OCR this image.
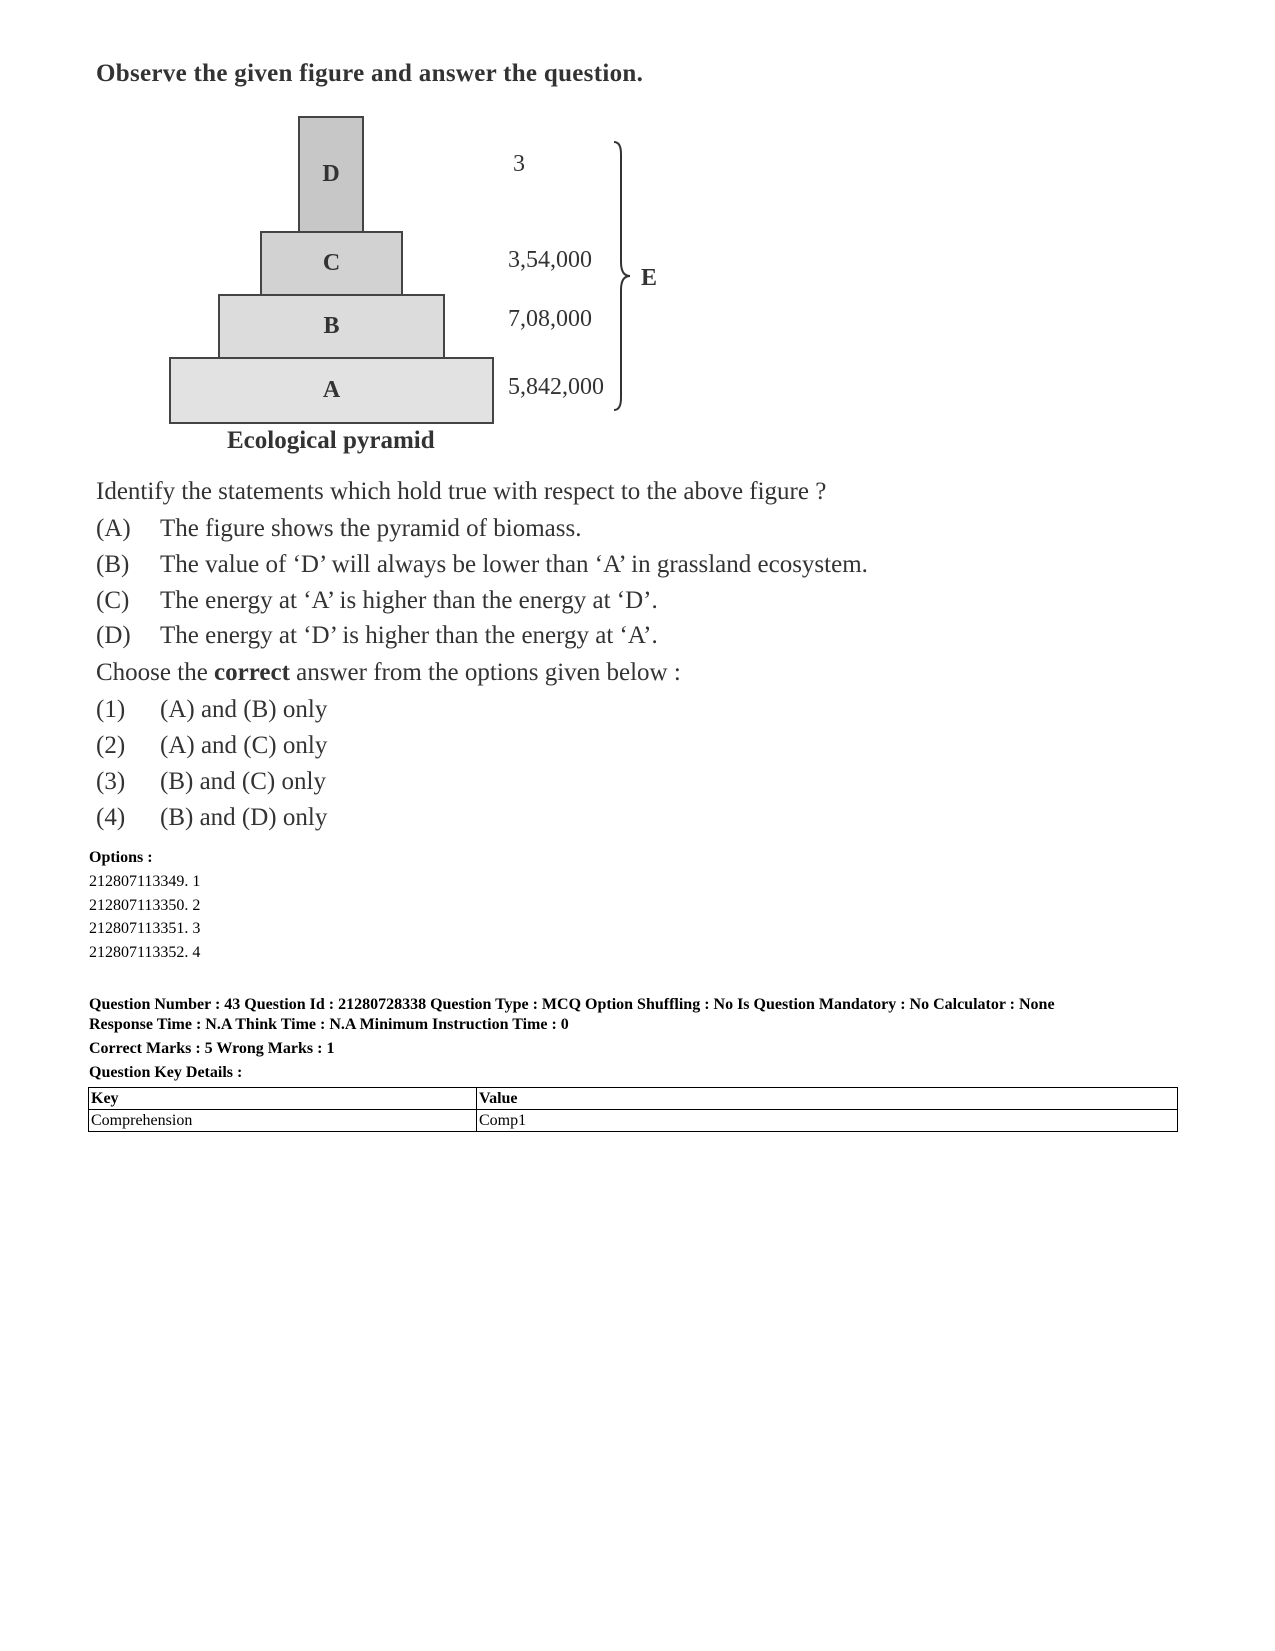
Observe the given figure and answer the question.
D
C
B
A
3
3,54,000
7,08,000
5,842,000
E
Ecological pyramid
Identify the statements which hold true with respect to the above figure ?
(A) The figure shows the pyramid of biomass.
(B) The value of ‘D’ will always be lower than ‘A’ in grassland ecosystem.
(C) The energy at ‘A’ is higher than the energy at ‘D’.
(D) The energy at ‘D’ is higher than the energy at ‘A’.
Choose the correct answer from the options given below :
(1) (A) and (B) only
(2) (A) and (C) only
(3) (B) and (C) only
(4) (B) and (D) only
Options :
212807113349. 1
212807113350. 2
212807113351. 3
212807113352. 4
Question Number : 43 Question Id : 21280728338 Question Type : MCQ Option Shuffling : No Is Question Mandatory : No Calculator : None
Response Time : N.A Think Time : N.A Minimum Instruction Time : 0
Correct Marks : 5 Wrong Marks : 1
Question Key Details :
Key	Value
Comprehension	Comp1
